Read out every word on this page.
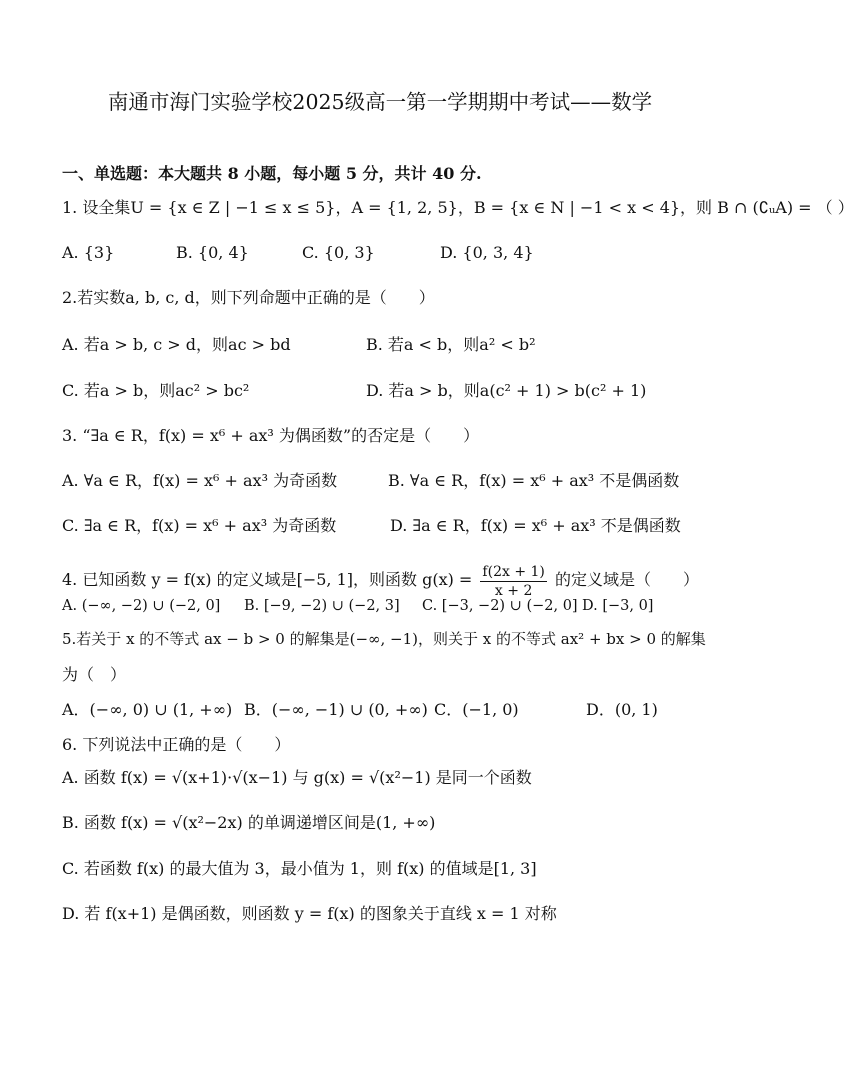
南通市海门实验学校2025级高一第一学期期中考试——数学
一、单选题：本大题共 8 小题，每小题 5 分，共计 40 分.
1. 设全集U = {x ∈ Z | −1 ≤ x ≤ 5}，A = {1, 2, 5}，B = {x ∈ N | −1 < x < 4}，则 B ∩ (∁ᵤA) = （ ）
A. {3}	B. {0, 4}	C. {0, 3}	D. {0, 3, 4}
2.若实数a, b, c, d，则下列命题中正确的是（　　）
A. 若a > b, c > d，则ac > bd	B. 若a < b，则a² < b²
C. 若a > b，则ac² > bc²	D. 若a > b，则a(c² + 1) > b(c² + 1)
3. “∃a ∈ R，f(x) = x⁶ + ax³ 为偶函数”的否定是（　　）
A. ∀a ∈ R，f(x) = x⁶ + ax³ 为奇函数	B. ∀a ∈ R，f(x) = x⁶ + ax³ 不是偶函数
C. ∃a ∈ R，f(x) = x⁶ + ax³ 为奇函数	D. ∃a ∈ R，f(x) = x⁶ + ax³ 不是偶函数
4. 已知函数 y = f(x) 的定义域是[−5, 1]，则函数 $g(x) = \frac{f(2x + 1)}{x + 2}$ 的定义域是（　　）
A. (−∞, −2) ∪ (−2, 0] B. [−9, −2) ∪ (−2, 3] C. [−3, −2) ∪ (−2, 0] D. [−3, 0]
5.若关于 x 的不等式 ax − b > 0 的解集是(−∞, −1)，则关于 x 的不等式 ax² + bx > 0 的解集
为（　）
A．(−∞, 0) ∪ (1, +∞) B．(−∞, −1) ∪ (0, +∞) C．(−1, 0)	D．(0, 1)
6. 下列说法中正确的是（　　）
A. 函数 f(x) = √(x+1)·√(x−1) 与 g(x) = √(x²−1) 是同一个函数
B. 函数 f(x) = √(x²−2x) 的单调递增区间是(1, +∞)
C. 若函数 f(x) 的最大值为 3，最小值为 1，则 f(x) 的值域是[1, 3]
D. 若 f(x+1) 是偶函数，则函数 y = f(x) 的图象关于直线 x = 1 对称
